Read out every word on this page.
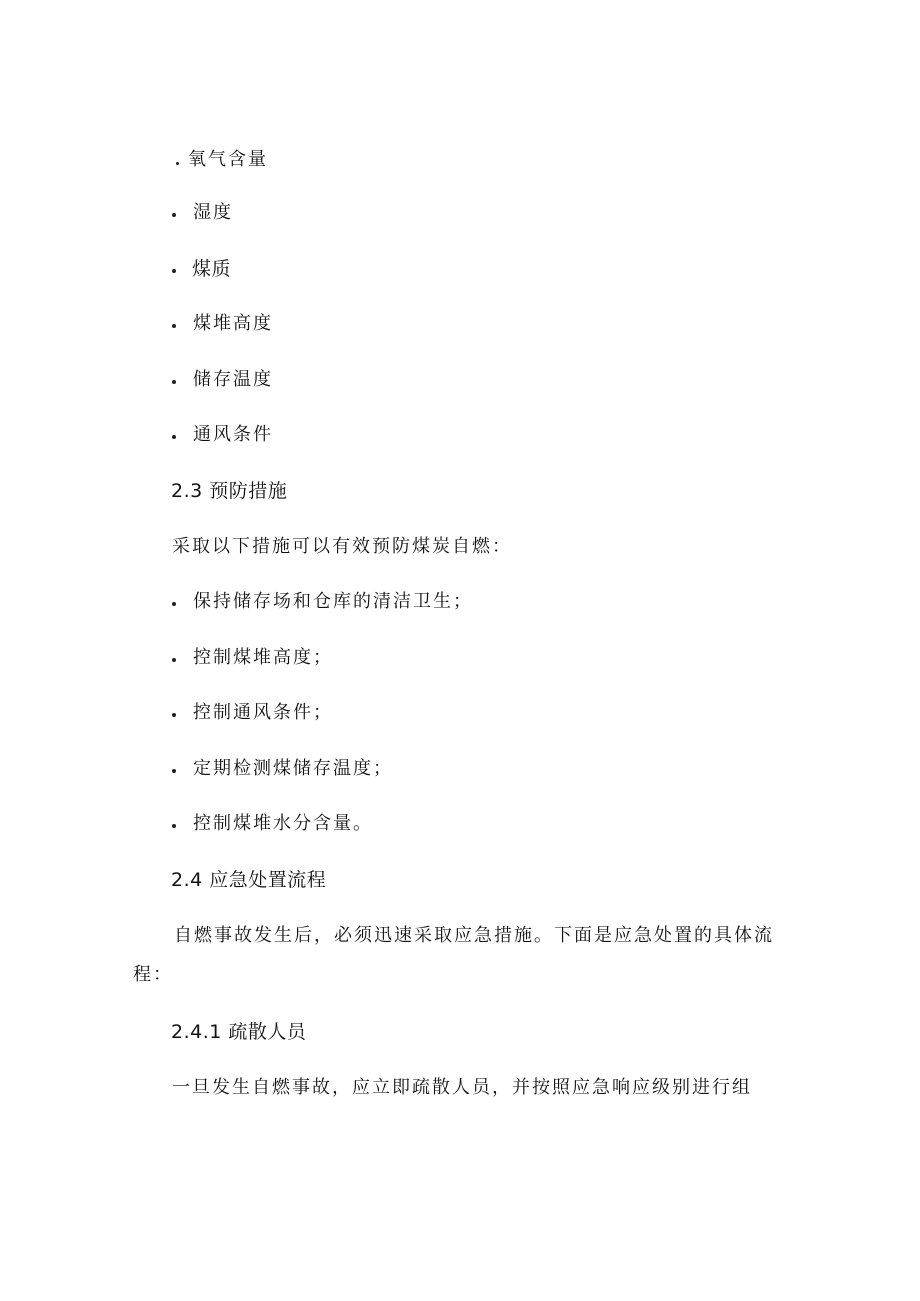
氧气含量
湿度
煤质
煤堆高度
储存温度
通风条件
2.3 预防措施
采取以下措施可以有效预防煤炭自燃：
保持储存场和仓库的清洁卫生；
控制煤堆高度；
控制通风条件；
定期检测煤储存温度；
控制煤堆水分含量。
2.4 应急处置流程
自燃事故发生后，必须迅速采取应急措施。下面是应急处置的具体流
程：
2.4.1 疏散人员
一旦发生自燃事故，应立即疏散人员，并按照应急响应级别进行组
